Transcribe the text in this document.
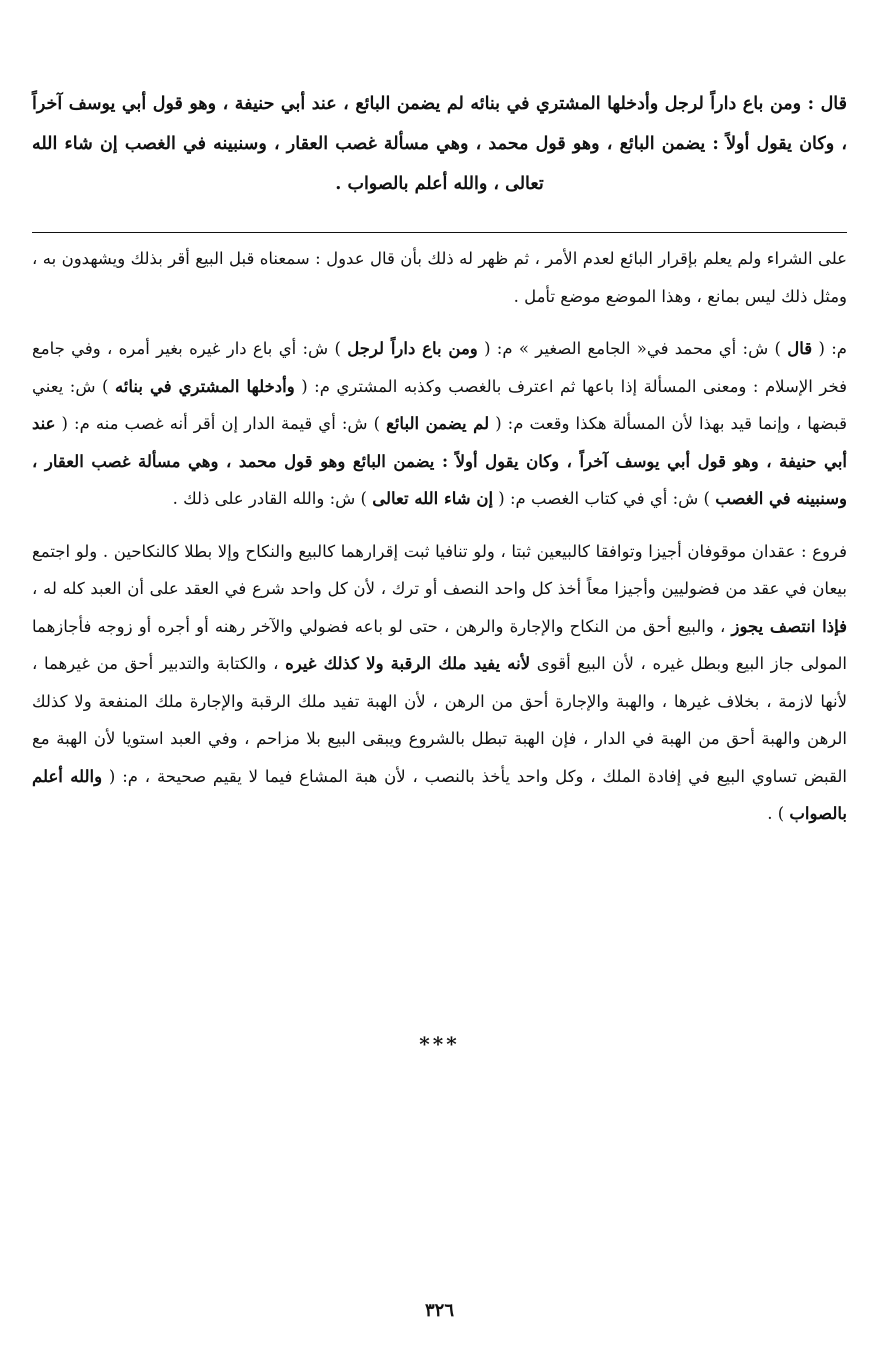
قال : ومن باع داراً لرجل وأدخلها المشتري في بنائه لم يضمن البائع ، عند أبي حنيفة ، وهو قول أبي يوسف آخراً ، وكان يقول أولاً : يضمن البائع ، وهو قول محمد ، وهي مسألة غصب العقار ، وسنبينه في الغصب إن شاء الله تعالى ، والله أعلم بالصواب .

على الشراء ولم يعلم بإقرار البائع لعدم الأمر ، ثم ظهر له ذلك بأن قال عدول : سمعناه قبل البيع أقر بذلك ويشهدون به ، ومثل ذلك ليس بمانع ، وهذا الموضع موضع تأمل .

م: ( قال ) ش: أي محمد في« الجامع الصغير » م: ( ومن باع داراً لرجل ) ش: أي باع دار غيره بغير أمره ، وفي جامع فخر الإسلام : ومعنى المسألة إذا باعها ثم اعترف بالغصب وكذبه المشتري م: ( وأدخلها المشتري في بنائه ) ش: يعني قبضها ، وإنما قيد بهذا لأن المسألة هكذا وقعت م: ( لم يضمن البائع ) ش: أي قيمة الدار إن أقر أنه غصب منه م: ( عند أبي حنيفة ، وهو قول أبي يوسف آخراً ، وكان يقول أولاً : يضمن البائع وهو قول محمد ، وهي مسألة غصب العقار ، وسنبينه في الغصب ) ش: أي في كتاب الغصب م: ( إن شاء الله تعالى ) ش: والله القادر على ذلك .

فروع : عقدان موقوفان أجيزا وتوافقا كالبيعين ثبتا ، ولو تنافيا ثبت إقرارهما كالبيع والنكاح وإلا بطلا كالنكاحين . ولو اجتمع بيعان في عقد من فضوليين وأجيزا معاً أخذ كل واحد النصف أو ترك ، لأن كل واحد شرع في العقد على أن العبد كله له ، فإذا انتصف يجوز ، والبيع أحق من النكاح والإجارة والرهن ، حتى لو باعه فضولي والآخر رهنه أو أجره أو زوجه فأجازهما المولى جاز البيع وبطل غيره ، لأن البيع أقوى لأنه يفيد ملك الرقبة ولا كذلك غيره ، والكتابة والتدبير أحق من غيرهما ، لأنها لازمة ، بخلاف غيرها ، والهبة والإجارة أحق من الرهن ، لأن الهبة تفيد ملك الرقبة والإجارة ملك المنفعة ولا كذلك الرهن والهبة أحق من الهبة في الدار ، فإن الهبة تبطل بالشروع ويبقى البيع بلا مزاحم ، وفي العبد استويا لأن الهبة مع القبض تساوي البيع في إفادة الملك ، وكل واحد يأخذ بالنصب ، لأن هبة المشاع فيما لا يقيم صحيحة ، م: ( والله أعلم بالصواب ) .

***
٣٢٦
